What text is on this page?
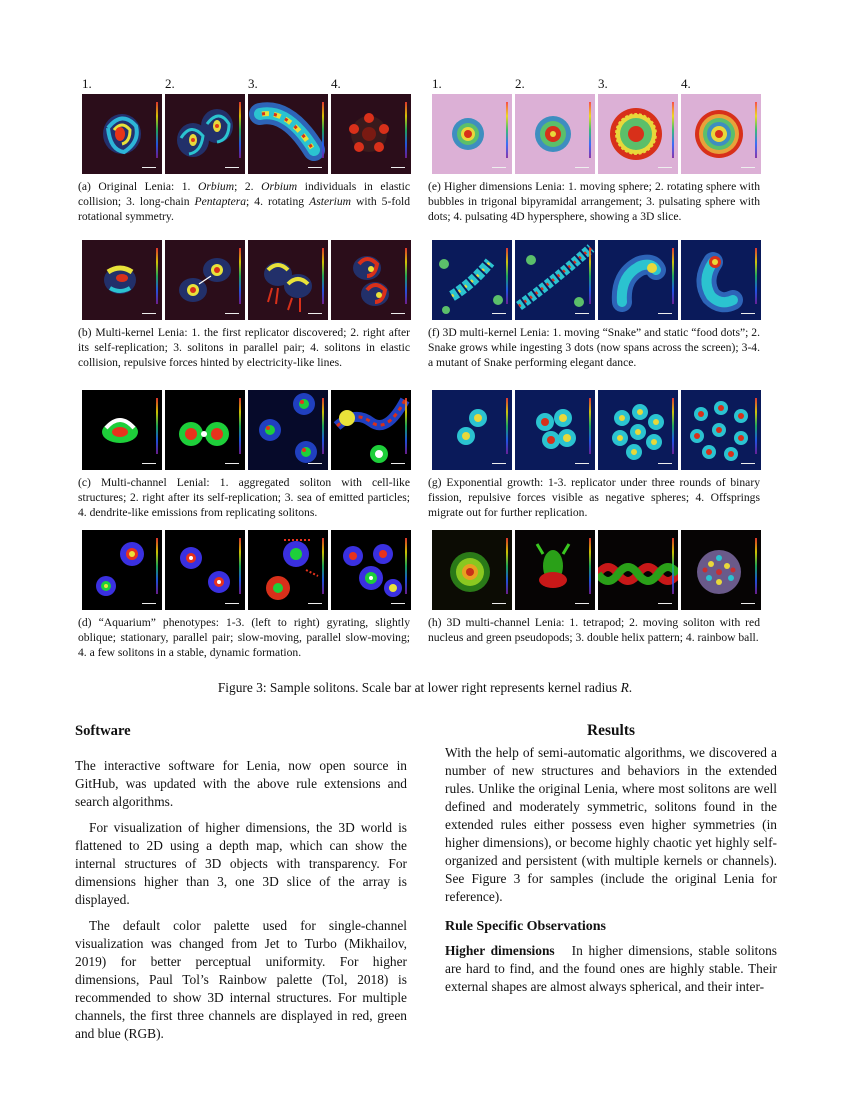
1.	2.	3.	4.
(a) Original Lenia: 1. Orbium; 2. Orbium individuals in elastic collision; 3. long-chain Pentaptera; 4. rotating Asterium with 5-fold rotational symmetry.
(b) Multi-kernel Lenia: 1. the first replicator discovered; 2. right after its self-replication; 3. solitons in parallel pair; 4. solitons in elastic collision, repulsive forces hinted by electricity-like lines.
(c) Multi-channel Lenial: 1. aggregated soliton with cell-like structures; 2. right after its self-replication; 3. sea of emitted particles; 4. dendrite-like emissions from replicating solitons.
(d) “Aquarium” phenotypes: 1-3. (left to right) gyrating, slightly oblique; stationary, parallel pair; slow-moving, parallel slow-moving; 4. a few solitons in a stable, dynamic formation.
1.	2.	3.	4.
(e) Higher dimensions Lenia: 1. moving sphere; 2. rotating sphere with bubbles in trigonal bipyramidal arrangement; 3. pulsating sphere with dots; 4. pulsating 4D hypersphere, showing a 3D slice.
(f) 3D multi-kernel Lenia: 1. moving “Snake” and static “food dots”; 2. Snake grows while ingesting 3 dots (now spans across the screen); 3-4. a mutant of Snake performing elegant dance.
(g) Exponential growth: 1-3. replicator under three rounds of binary fission, repulsive forces visible as negative spheres; 4. Offsprings migrate out for further replication.
(h) 3D multi-channel Lenia: 1. tetrapod; 2. moving soliton with red nucleus and green pseudopods; 3. double helix pattern; 4. rainbow ball.
Figure 3: Sample solitons. Scale bar at lower right represents kernel radius R.
Software

The interactive software for Lenia, now open source in GitHub, was updated with the above rule extensions and search algorithms.

For visualization of higher dimensions, the 3D world is flattened to 2D using a depth map, which can show the internal structures of 3D objects with transparency. For dimensions higher than 3, one 3D slice of the array is displayed.

The default color palette used for single-channel visualization was changed from Jet to Turbo (Mikhailov, 2019) for better perceptual uniformity. For higher dimensions, Paul Tol’s Rainbow palette (Tol, 2018) is recommended to show 3D internal structures. For multiple channels, the first three channels are displayed in red, green and blue (RGB).

Results

With the help of semi-automatic algorithms, we discovered a number of new structures and behaviors in the extended rules. Unlike the original Lenia, where most solitons are well defined and moderately symmetric, solitons found in the extended rules either possess even higher symmetries (in higher dimensions), or become highly chaotic yet highly self-organized and persistent (with multiple kernels or channels). See Figure 3 for samples (include the original Lenia for reference).

Rule Specific Observations

Higher dimensions In higher dimensions, stable solitons are hard to find, and the found ones are highly stable. Their external shapes are almost always spherical, and their inter-
